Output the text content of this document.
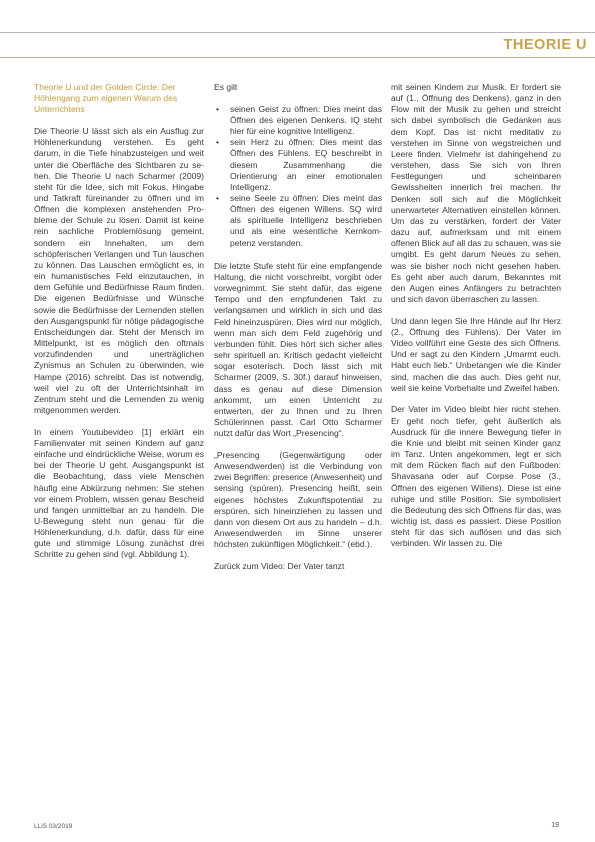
THEORIE U

Theorie U und der Golden Circle: Der Höhlengang zum eigenen Warum des Unterrichtens

Die Theorie U lässt sich als ein Ausflug zur Höhlenerkundung verstehen. Es geht darum, in die Tiefe hinabzusteigen und weit unter die Oberfläche des Sichtbaren zu sehen. Die Theorie U nach Scharmer (2009) steht für die Idee, sich mit Fokus, Hingabe und Tatkraft füreinander zu öffnen und im Öffnen die komplexen anstehenden Probleme der Schule zu lösen. Damit ist keine rein sachliche Problemlösung gemeint, sondern ein Innehalten, um dem schöpferischen Verlangen und Tun lauschen zu können. Das Lauschen ermöglicht es, in ein humanistisches Feld einzutauchen, in dem Gefühle und Bedürfnisse Raum finden. Die eigenen Bedürfnisse und Wünsche sowie die Bedürfnisse der Lernenden stellen den Ausgangspunkt für nötige pädagogische Entscheidungen dar. Steht der Mensch im Mittelpunkt, ist es möglich den oftmals vorzufindenden und unerträglichen Zynismus an Schulen zu überwinden, wie Hampe (2016) schreibt. Das ist notwendig, weil viel zu oft der Unterrichtsinhalt im Zentrum steht und die Lernenden zu wenig mitgenommen werden.

In einem Youtubevideo [1] erklärt ein Familienvater mit seinen Kindern auf ganz einfache und eindrückliche Weise, worum es bei der Theorie U geht. Ausgangspunkt ist die Beobachtung, dass viele Menschen häufig eine Abkürzung nehmen: Sie stehen vor einem Problem, wissen genau Bescheid und fangen unmittelbar an zu handeln. Die U-Bewegung steht nun genau für die Höhlenerkundung, d.h. dafür, dass für eine gute und stimmige Lösung zunächst drei Schritte zu gehen sind (vgl. Abbildung 1).

Es gilt

• seinen Geist zu öffnen: Dies meint das Öffnen des eigenen Denkens. IQ steht hier für eine kognitive Intelligenz.
• sein Herz zu öffnen: Dies meint das Öffnen des Fühlens. EQ beschreibt in diesem Zusammenhang die Orientierung an einer emotionalen Intelligenz.
• seine Seele zu öffnen: Dies meint das Öffnen des eigenen Willens. SQ wird als spirituelle Intelligenz beschrieben und als eine wesentliche Kernkompetenz verstanden.

Die letzte Stufe steht für eine empfangende Haltung, die nicht vorschreibt, vorgibt oder vorwegnimmt. Sie steht dafür, das eigene Tempo und den empfundenen Takt zu verlangsamen und wirklich in sich und das Feld hineinzuspüren. Dies wird nur möglich, wenn man sich dem Feld zugehörig und verbunden fühlt. Dies hört sich sicher alles sehr spirituell an. Kritisch gedacht vielleicht sogar esoterisch. Doch lässt sich mit Scharmer (2009, S. 30f.) darauf hinweisen, dass es genau auf diese Dimension ankommt, um einen Unterricht zu entwerten, der zu Ihnen und zu Ihren Schülerinnen passt. Carl Otto Scharmer nutzt dafür das Wort „Presencing“.

„Presencing (Gegenwärtigung oder Anwesendwerden) ist die Verbindung von zwei Begriffen: presence (Anwesenheit) und sensing (spüren). Presencing heißt, sein eigenes höchstes Zukunftspotential zu erspüren, sich hineinziehen zu lassen und dann von diesem Ort aus zu handeln – d.h. Anwesendwerden im Sinne unserer höchsten zukünftigen Möglichkeit.“ (ebd.).

Zurück zum Video: Der Vater tanzt

mit seinen Kindern zur Musik. Er fordert sie auf (1., Öffnung des Denkens), ganz in den Flow mit der Musik zu gehen und streicht sich dabei symbolisch die Gedanken aus dem Kopf. Das ist nicht meditativ zu verstehen im Sinne von wegstreichen und Leere finden. Vielmehr ist dahingehend zu verstehen, dass Sie sich von Ihren Festlegungen und scheinbaren Gewissheiten innerlich frei machen. Ihr Denken soll sich auf die Möglichkeit unerwarteter Alternativen einstellen können. Um das zu verstärken, fordert der Vater dazu auf, aufmerksam und mit einem offenen Blick auf all das zu schauen, was sie umgibt. Es geht darum Neues zu sehen, was sie bisher noch nicht gesehen haben. Es geht aber auch darum, Bekanntes mit den Augen eines Anfängers zu betrachten und sich davon überraschen zu lassen.

Und dann legen Sie Ihre Hände auf Ihr Herz (2., Öffnung des Fühlens). Der Vater im Video vollführt eine Geste des sich Öffnens. Und er sagt zu den Kindern „Umarmt euch. Habt euch lieb.“ Unbetangen wie die Kinder sind, machen die das auch. Dies geht nur, weil sie keine Vorbehalte und Zweifel haben.

Der Vater im Video bleibt hier nicht stehen. Er geht noch tiefer, geht äußerlich als Ausdruck für die innere Bewegung tiefer in die Knie und bleibt mit seinen Kinder ganz im Tanz. Unten angekommen, legt er sich mit dem Rücken flach auf den Fußboden: Shavasana oder auf Corpse Pose (3., Öffnen des eigenen Willens). Diese ist eine ruhige und stille Position. Sie symbolisiert die Bedeutung des sich Öffnens für das, was wichtig ist, dass es passiert. Diese Position steht für das sich auflösen und das sich verbinden. Wir lassen zu. Die

LLiS 03/2019	19
